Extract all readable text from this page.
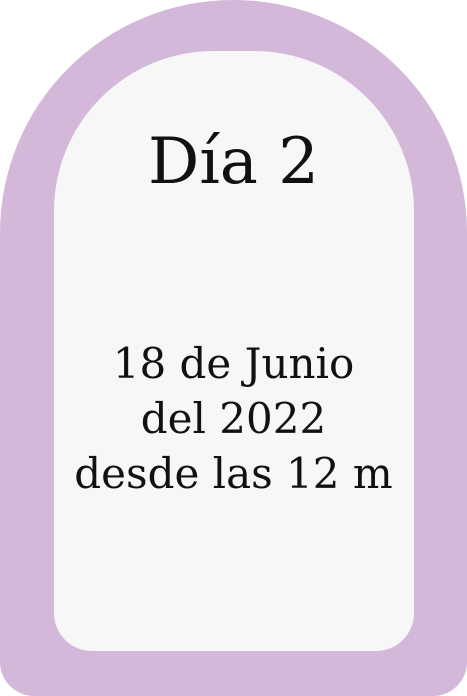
Día 2
18 de Junio
del 2022
desde las 12 m
